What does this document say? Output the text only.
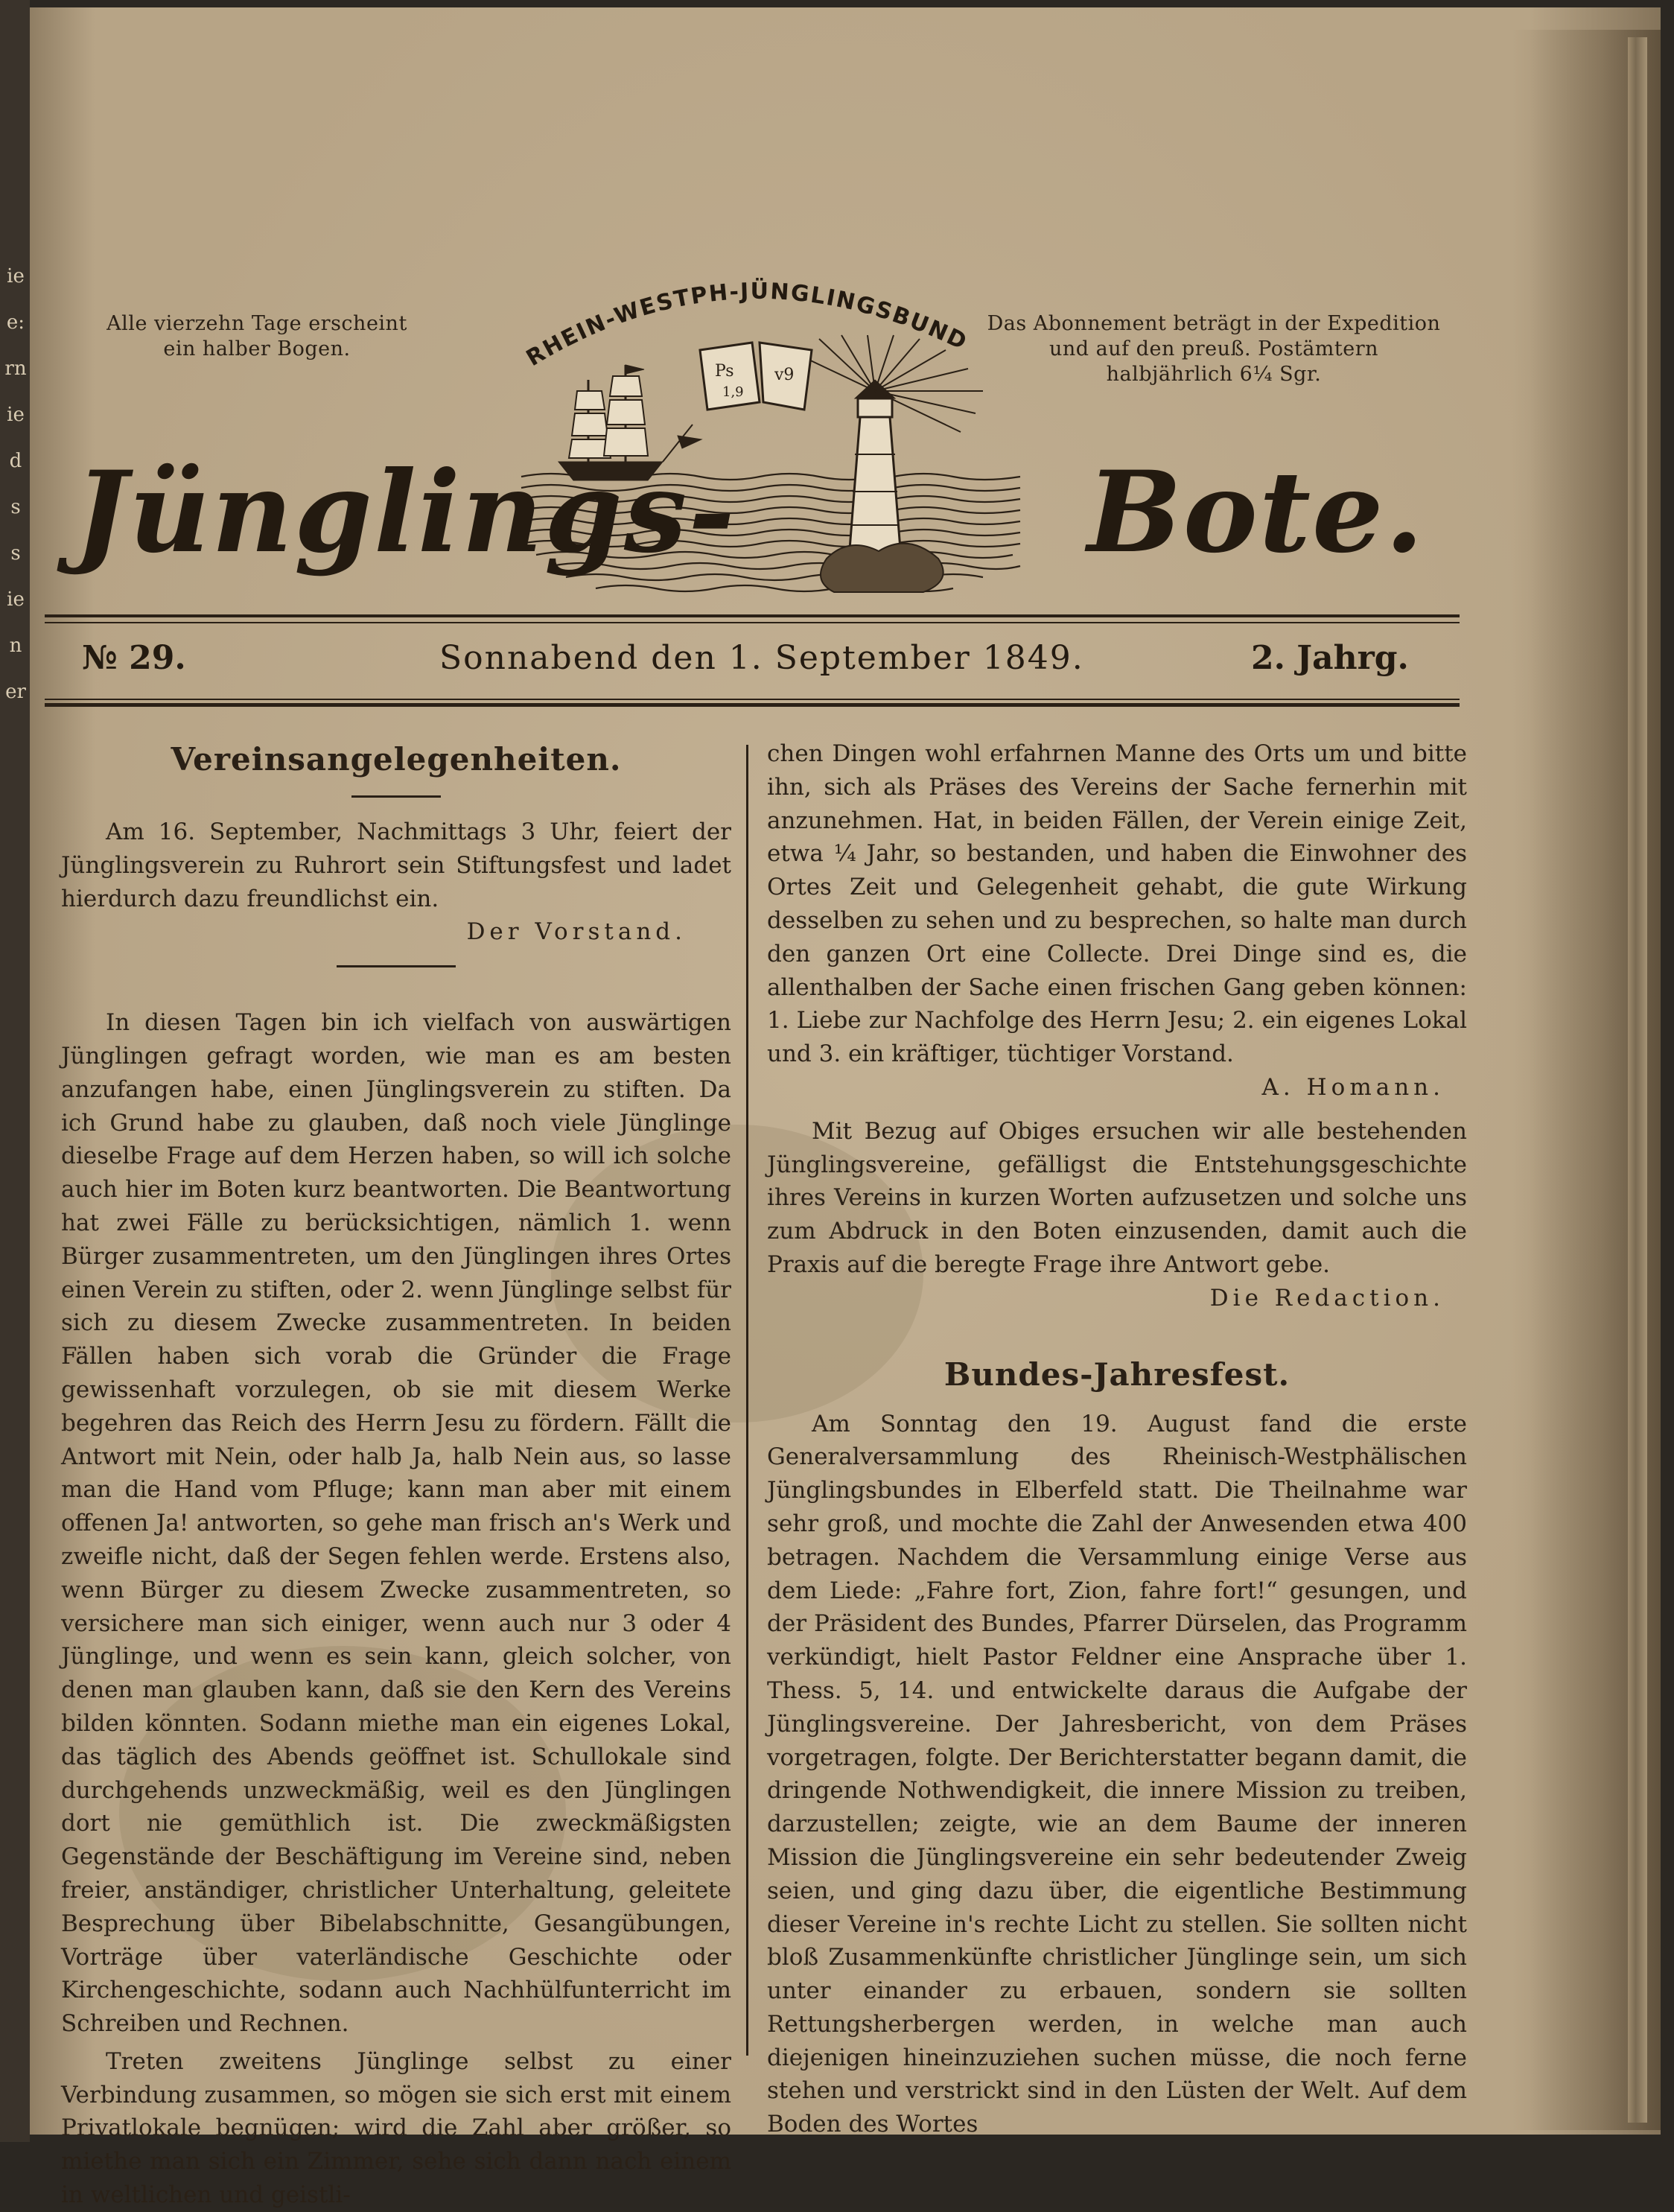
ie
e:
rn
ie
d
s
s
ie
n
er
Alle vierzehn Tage erscheint
ein halber Bogen.
Das Abonnement beträgt in der Expedition
und auf den preuß. Postämtern
halbjährlich 6¼ Sgr.
RHEIN-WESTPH-JÜNGLINGSBUND
Ps
1,9
v9
Jünglings-	Bote.
№ 29.	Sonnabend den 1. September 1849.	2. Jahrg.
Vereinsangelegenheiten.

Am 16. September, Nachmittags 3 Uhr, feiert der Jünglingsverein zu Ruhrort sein Stiftungsfest und ladet hierdurch dazu freundlichst ein.

Der Vorstand.

In diesen Tagen bin ich vielfach von auswärtigen Jünglingen gefragt worden, wie man es am besten anzufangen habe, einen Jünglingsverein zu stiften. Da ich Grund habe zu glauben, daß noch viele Jünglinge dieselbe Frage auf dem Herzen haben, so will ich solche auch hier im Boten kurz beantworten. Die Beantwortung hat zwei Fälle zu berücksichtigen, nämlich 1. wenn Bürger zusammentreten, um den Jünglingen ihres Ortes einen Verein zu stiften, oder 2. wenn Jünglinge selbst für sich zu diesem Zwecke zusammentreten. In beiden Fällen haben sich vorab die Gründer die Frage gewissenhaft vorzulegen, ob sie mit diesem Werke begehren das Reich des Herrn Jesu zu fördern. Fällt die Antwort mit Nein, oder halb Ja, halb Nein aus, so lasse man die Hand vom Pfluge; kann man aber mit einem offenen Ja! antworten, so gehe man frisch an's Werk und zweifle nicht, daß der Segen fehlen werde. Erstens also, wenn Bürger zu diesem Zwecke zusammentreten, so versichere man sich einiger, wenn auch nur 3 oder 4 Jünglinge, und wenn es sein kann, gleich solcher, von denen man glauben kann, daß sie den Kern des Vereins bilden könnten. Sodann miethe man ein eigenes Lokal, das täglich des Abends geöffnet ist. Schullokale sind durchgehends unzweckmäßig, weil es den Jünglingen dort nie gemüthlich ist. Die zweckmäßigsten Gegenstände der Beschäftigung im Vereine sind, neben freier, anständiger, christlicher Unterhaltung, geleitete Besprechung über Bibelabschnitte, Gesangübungen, Vorträge über vaterländische Geschichte oder Kirchengeschichte, sodann auch Nachhülfunterricht im Schreiben und Rechnen.

Treten zweitens Jünglinge selbst zu einer Verbindung zusammen, so mögen sie sich erst mit einem Privatlokale begnügen; wird die Zahl aber größer, so miethe man sich ein Zimmer, sehe sich dann nach einem in weltlichen und geistli-

chen Dingen wohl erfahrnen Manne des Orts um und bitte ihn, sich als Präses des Vereins der Sache fernerhin mit anzunehmen. Hat, in beiden Fällen, der Verein einige Zeit, etwa ¼ Jahr, so bestanden, und haben die Einwohner des Ortes Zeit und Gelegenheit gehabt, die gute Wirkung desselben zu sehen und zu besprechen, so halte man durch den ganzen Ort eine Collecte. Drei Dinge sind es, die allenthalben der Sache einen frischen Gang geben können: 1. Liebe zur Nachfolge des Herrn Jesu; 2. ein eigenes Lokal und 3. ein kräftiger, tüchtiger Vorstand.

A. Homann.

Mit Bezug auf Obiges ersuchen wir alle bestehenden Jünglingsvereine, gefälligst die Entstehungsgeschichte ihres Vereins in kurzen Worten aufzusetzen und solche uns zum Abdruck in den Boten einzusenden, damit auch die Praxis auf die beregte Frage ihre Antwort gebe.

Die Redaction.

Bundes-Jahresfest.

Am Sonntag den 19. August fand die erste Generalversammlung des Rheinisch-Westphälischen Jünglingsbundes in Elberfeld statt. Die Theilnahme war sehr groß, und mochte die Zahl der Anwesenden etwa 400 betragen. Nachdem die Versammlung einige Verse aus dem Liede: „Fahre fort, Zion, fahre fort!“ gesungen, und der Präsident des Bundes, Pfarrer Dürselen, das Programm verkündigt, hielt Pastor Feldner eine Ansprache über 1. Thess. 5, 14. und entwickelte daraus die Aufgabe der Jünglingsvereine. Der Jahresbericht, von dem Präses vorgetragen, folgte. Der Berichterstatter begann damit, die dringende Nothwendigkeit, die innere Mission zu treiben, darzustellen; zeigte, wie an dem Baume der inneren Mission die Jünglingsvereine ein sehr bedeutender Zweig seien, und ging dazu über, die eigentliche Bestimmung dieser Vereine in's rechte Licht zu stellen. Sie sollten nicht bloß Zusammenkünfte christlicher Jünglinge sein, um sich unter einander zu erbauen, sondern sie sollten Rettungsherbergen werden, in welche man auch diejenigen hineinzuziehen suchen müsse, die noch ferne stehen und verstrickt sind in den Lüsten der Welt. Auf dem Boden des Wortes
